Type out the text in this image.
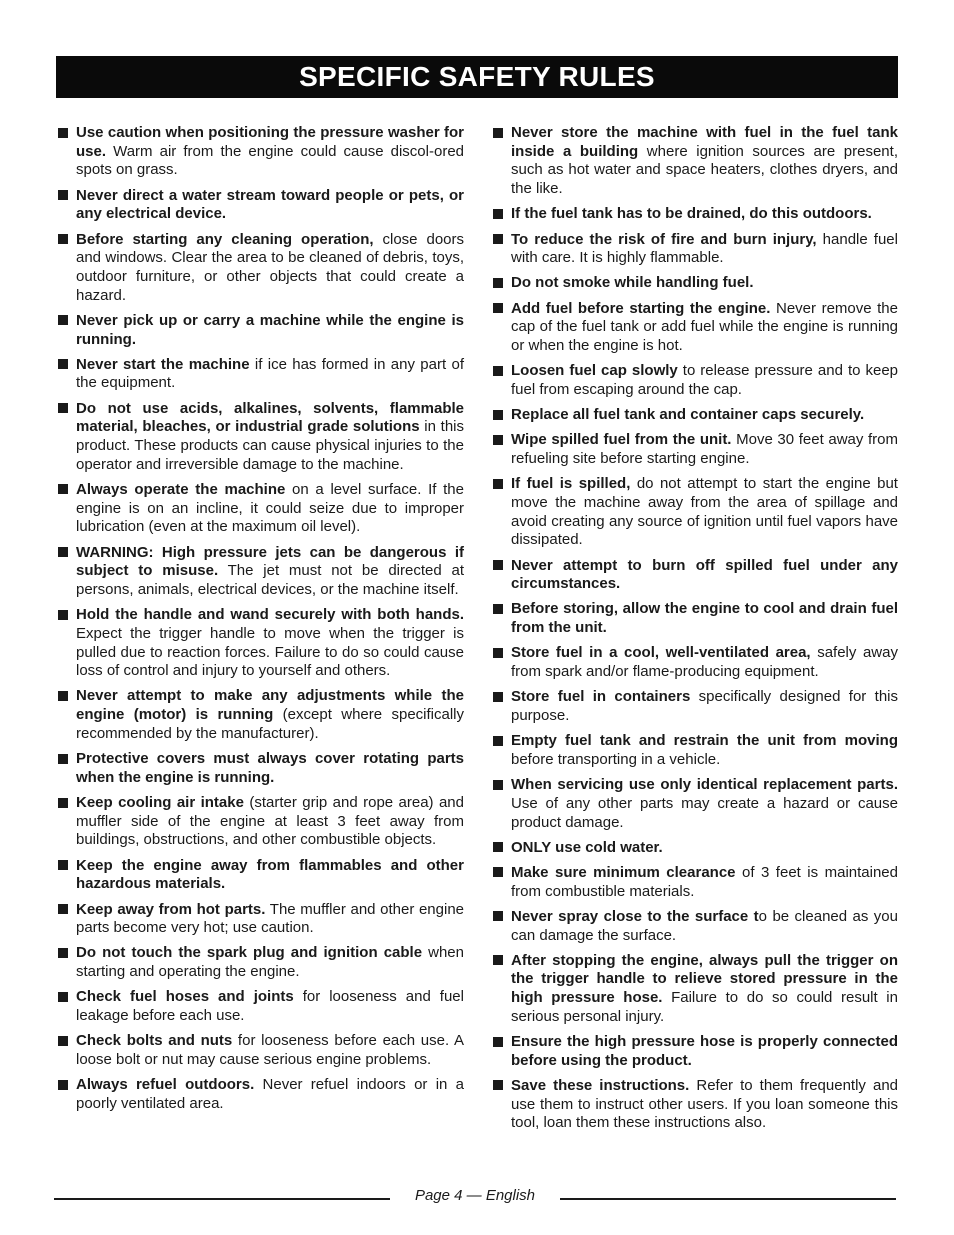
SPECIFIC SAFETY RULES
Use caution when positioning the pressure washer for use. Warm air from the engine could cause discol-ored spots on grass.
Never direct a water stream toward people or pets, or any electrical device.
Before starting any cleaning operation, close doors and windows. Clear the area to be cleaned of debris, toys, outdoor furniture, or other objects that could create a hazard.
Never pick up or carry a machine while the engine is running.
Never start the machine if ice has formed in any part of the equipment.
Do not use acids, alkalines, solvents, flammable material, bleaches, or industrial grade solutions in this product. These products can cause physical injuries to the operator and irreversible damage to the machine.
Always operate the machine on a level surface. If the engine is on an incline, it could seize due to improper lubrication (even at the maximum oil level).
WARNING: High pressure jets can be dangerous if subject to misuse. The jet must not be directed at persons, animals, electrical devices, or the machine itself.
Hold the handle and wand securely with both hands. Expect the trigger handle to move when the trigger is pulled due to reaction forces. Failure to do so could cause loss of control and injury to yourself and others.
Never attempt to make any adjustments while the engine (motor) is running (except where specifically recommended by the manufacturer).
Protective covers must always cover rotating parts when the engine is running.
Keep cooling air intake (starter grip and rope area) and muffler side of the engine at least 3 feet away from buildings, obstructions, and other combustible objects.
Keep the engine away from flammables and other hazardous materials.
Keep away from hot parts. The muffler and other engine parts become very hot; use caution.
Do not touch the spark plug and ignition cable when starting and operating the engine.
Check fuel hoses and joints for looseness and fuel leakage before each use.
Check bolts and nuts for looseness before each use. A loose bolt or nut may cause serious engine problems.
Always refuel outdoors. Never refuel indoors or in a poorly ventilated area.
Never store the machine with fuel in the fuel tank inside a building where ignition sources are present, such as hot water and space heaters, clothes dryers, and the like.
If the fuel tank has to be drained, do this outdoors.
To reduce the risk of fire and burn injury, handle fuel with care. It is highly flammable.
Do not smoke while handling fuel.
Add fuel before starting the engine. Never remove the cap of the fuel tank or add fuel while the engine is running or when the engine is hot.
Loosen fuel cap slowly to release pressure and to keep fuel from escaping around the cap.
Replace all fuel tank and container caps securely.
Wipe spilled fuel from the unit. Move 30 feet away from refueling site before starting engine.
If fuel is spilled, do not attempt to start the engine but move the machine away from the area of spillage and avoid creating any source of ignition until fuel vapors have dissipated.
Never attempt to burn off spilled fuel under any circumstances.
Before storing, allow the engine to cool and drain fuel from the unit.
Store fuel in a cool, well-ventilated area, safely away from spark and/or flame-producing equipment.
Store fuel in containers specifically designed for this purpose.
Empty fuel tank and restrain the unit from moving before transporting in a vehicle.
When servicing use only identical replacement parts. Use of any other parts may create a hazard or cause product damage.
ONLY use cold water.
Make sure minimum clearance of 3 feet is maintained from combustible materials.
Never spray close to the surface to be cleaned as you can damage the surface.
After stopping the engine, always pull the trigger on the trigger handle to relieve stored pressure in the high pressure hose. Failure to do so could result in serious personal injury.
Ensure the high pressure hose is properly connected before using the product.
Save these instructions. Refer to them frequently and use them to instruct other users. If you loan someone this tool, loan them these instructions also.
Page 4 — English
